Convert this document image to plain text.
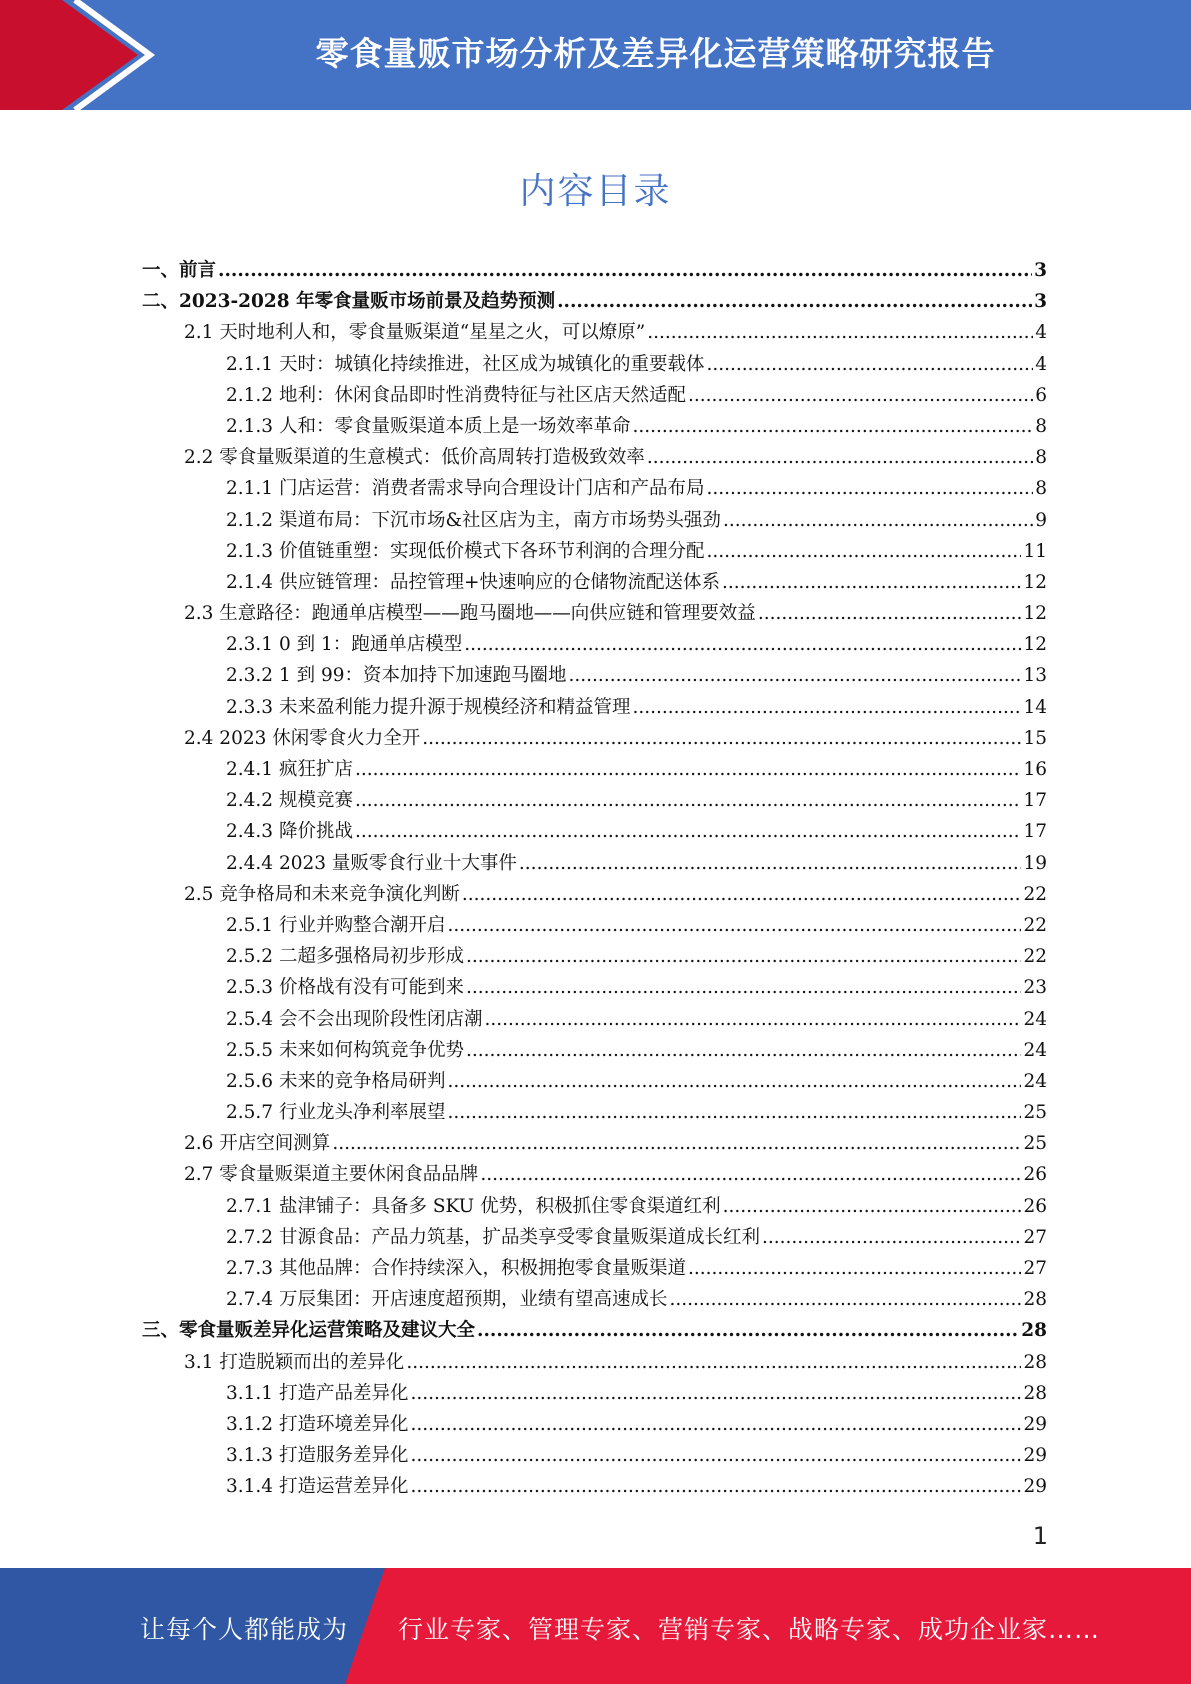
零食量贩市场分析及差异化运营策略研究报告
内容目录
一、前言 .....	3
二、2023-2028 年零食量贩市场前景及趋势预测 .....	3
2.1 天时地利人和，零食量贩渠道“星星之火，可以燎原” .....	4
2.1.1 天时：城镇化持续推进，社区成为城镇化的重要载体 .....	4
2.1.2 地利：休闲食品即时性消费特征与社区店天然适配 .....	6
2.1.3 人和：零食量贩渠道本质上是一场效率革命 .....	8
2.2 零食量贩渠道的生意模式：低价高周转打造极致效率 .....	8
2.1.1 门店运营：消费者需求导向合理设计门店和产品布局 .....	8
2.1.2 渠道布局：下沉市场&社区店为主，南方市场势头强劲 .....	9
2.1.3 价值链重塑：实现低价模式下各环节利润的合理分配 .....	11
2.1.4 供应链管理：品控管理+快速响应的仓储物流配送体系 .....	12
2.3 生意路径：跑通单店模型——跑马圈地——向供应链和管理要效益 .....	12
2.3.1 0 到 1：跑通单店模型 .....	12
2.3.2 1 到 99：资本加持下加速跑马圈地 .....	13
2.3.3 未来盈利能力提升源于规模经济和精益管理 .....	14
2.4 2023 休闲零食火力全开 .....	15
2.4.1 疯狂扩店 .....	16
2.4.2 规模竞赛 .....	17
2.4.3 降价挑战 .....	17
2.4.4 2023 量贩零食行业十大事件 .....	19
2.5 竞争格局和未来竞争演化判断 .....	22
2.5.1 行业并购整合潮开启 .....	22
2.5.2 二超多强格局初步形成 .....	22
2.5.3 价格战有没有可能到来 .....	23
2.5.4 会不会出现阶段性闭店潮 .....	24
2.5.5 未来如何构筑竞争优势 .....	24
2.5.6 未来的竞争格局研判 .....	24
2.5.7 行业龙头净利率展望 .....	25
2.6 开店空间测算 .....	25
2.7 零食量贩渠道主要休闲食品品牌 .....	26
2.7.1 盐津铺子：具备多 SKU 优势，积极抓住零食渠道红利 .....	26
2.7.2 甘源食品：产品力筑基，扩品类享受零食量贩渠道成长红利 .....	27
2.7.3 其他品牌：合作持续深入，积极拥抱零食量贩渠道 .....	27
2.7.4 万辰集团：开店速度超预期，业绩有望高速成长 .....	28
三、零食量贩差异化运营策略及建议大全 .....	28
3.1 打造脱颖而出的差异化 .....	28
3.1.1 打造产品差异化 .....	28
3.1.2 打造环境差异化 .....	29
3.1.3 打造服务差异化 .....	29
3.1.4 打造运营差异化 .....	29
1
让每个人都能成为 行业专家、管理专家、营销专家、战略专家、成功企业家……
